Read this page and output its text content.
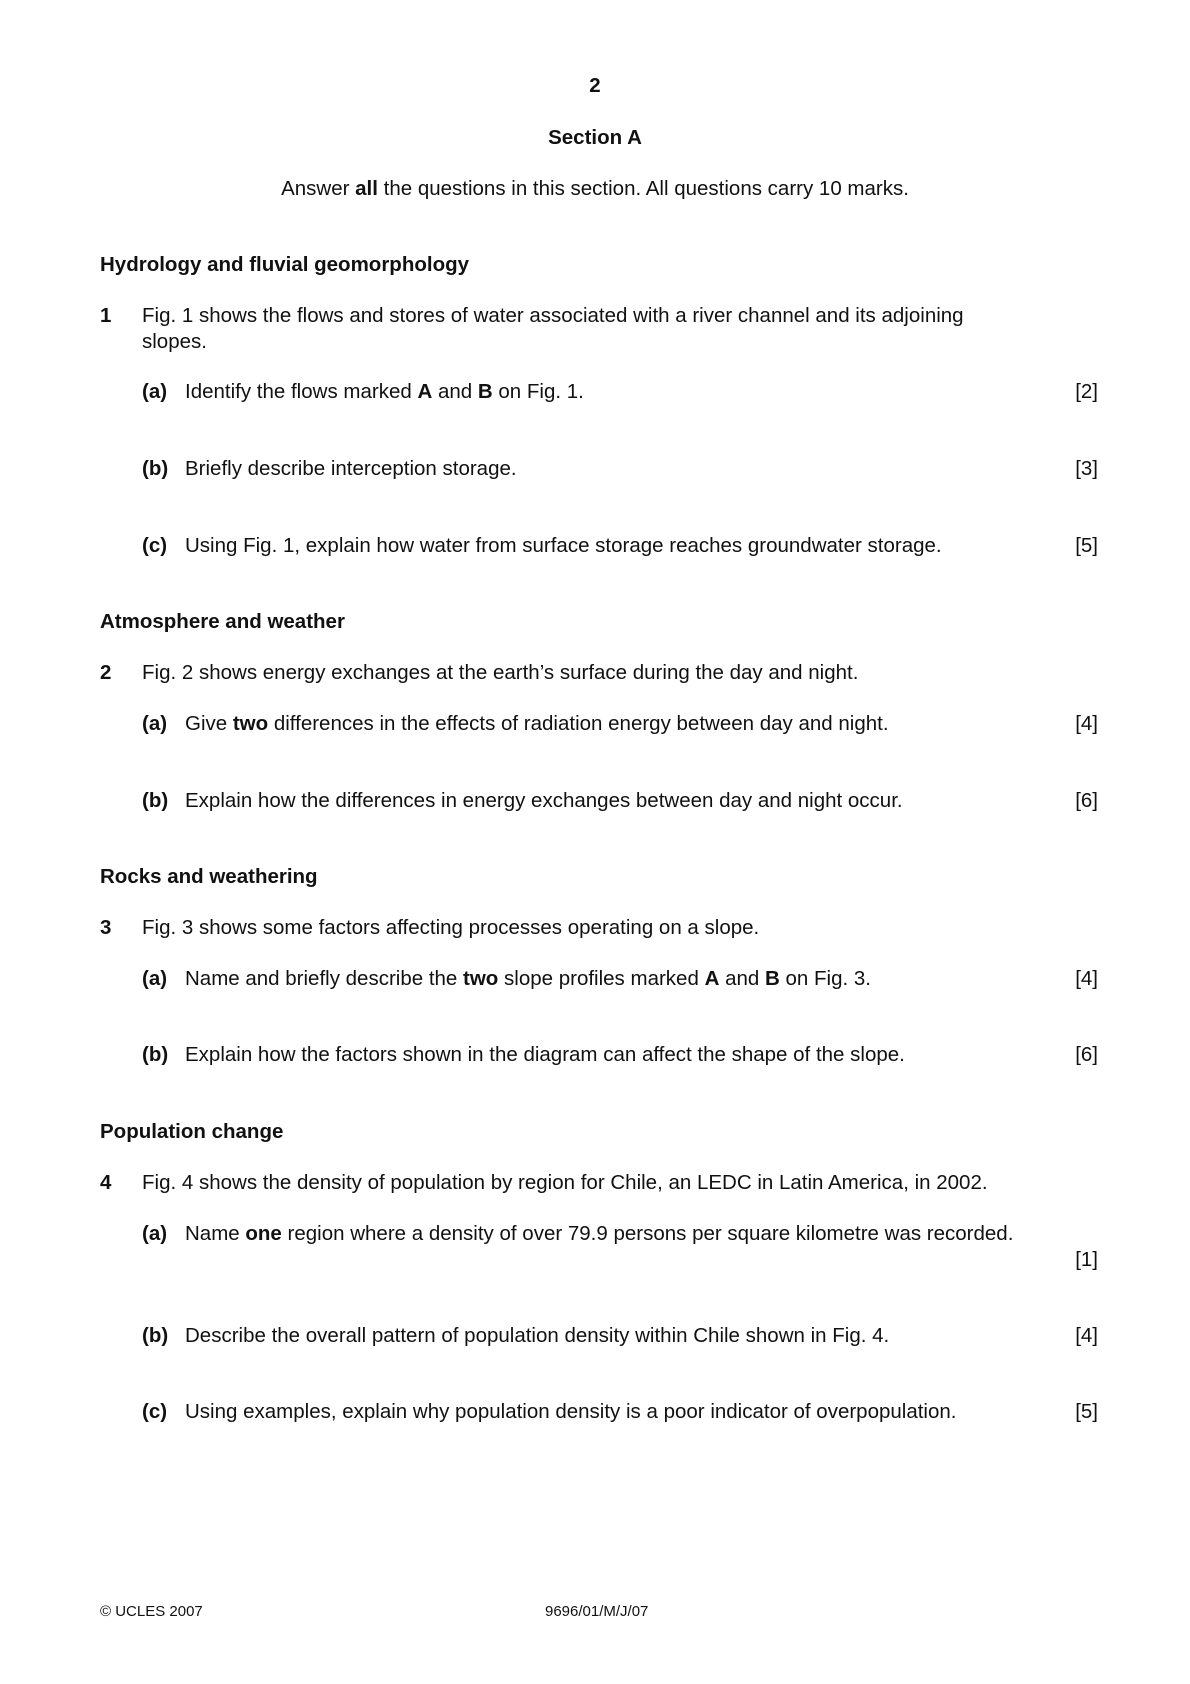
2
Section A
Answer all the questions in this section. All questions carry 10 marks.
Hydrology and fluvial geomorphology
1 Fig. 1 shows the flows and stores of water associated with a river channel and its adjoining
slopes.
(a) Identify the flows marked A and B on Fig. 1.	[2]
(b) Briefly describe interception storage.	[3]
(c) Using Fig. 1, explain how water from surface storage reaches groundwater storage.	[5]
Atmosphere and weather
2 Fig. 2 shows energy exchanges at the earth’s surface during the day and night.
(a) Give two differences in the effects of radiation energy between day and night.	[4]
(b) Explain how the differences in energy exchanges between day and night occur.	[6]
Rocks and weathering
3 Fig. 3 shows some factors affecting processes operating on a slope.
(a) Name and briefly describe the two slope profiles marked A and B on Fig. 3.	[4]
(b) Explain how the factors shown in the diagram can affect the shape of the slope.	[6]
Population change
4 Fig. 4 shows the density of population by region for Chile, an LEDC in Latin America, in 2002.
(a) Name one region where a density of over 79.9 persons per square kilometre was recorded.
[1]
(b) Describe the overall pattern of population density within Chile shown in Fig. 4.	[4]
(c) Using examples, explain why population density is a poor indicator of overpopulation.	[5]
© UCLES 2007	9696/01/M/J/07
